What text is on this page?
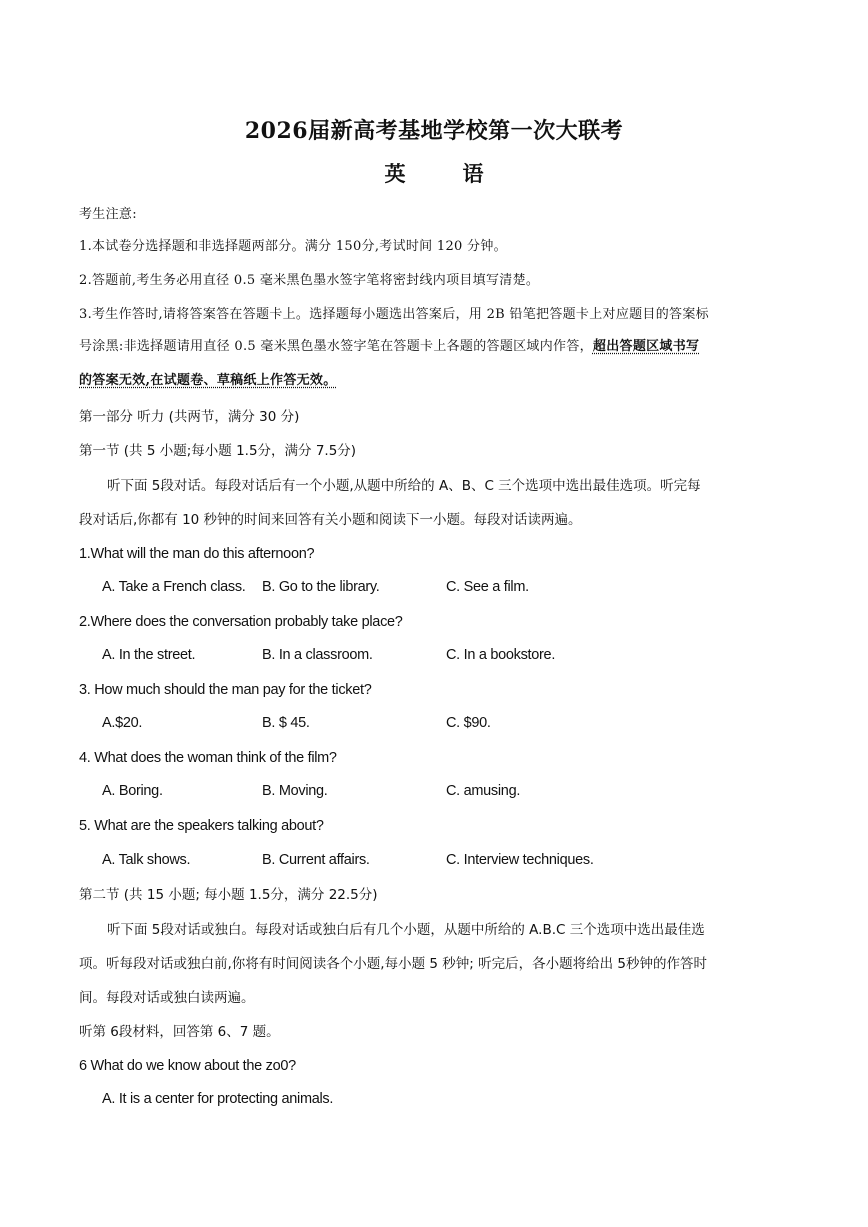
2026届新高考基地学校第一次大联考
英　语
考生注意:
1.本试卷分选择题和非选择题两部分。满分 150分,考试时间 120 分钟。
2.答题前,考生务必用直径 0.5 毫米黑色墨水签字笔将密封线内项目填写清楚。
3.考生作答时,请将答案答在答题卡上。选择题每小题选出答案后，用 2B 铅笔把答题卡上对应题目的答案标
号涂黑:非选择题请用直径 0.5 毫米黑色墨水签字笔在答题卡上各题的答题区域内作答，超出答题区域书写
的答案无效,在试题卷、草稿纸上作答无效。
第一部分 听力 (共两节，满分 30 分)
第一节 (共 5 小题;每小题 1.5分，满分 7.5分)
听下面 5段对话。每段对话后有一个小题,从题中所给的 A、B、C 三个选项中选出最佳选项。听完每
段对话后,你都有 10 秒钟的时间来回答有关小题和阅读下一小题。每段对话读两遍。
1.What will the man do this afternoon?
A. Take a French class. B. Go to the library.	C. See a film.
2.Where does the conversation probably take place?
A. In the street.	B. In a classroom.	C. In a bookstore.
3. How much should the man pay for the ticket?
A.$20.	B. $ 45.	C. $90.
4. What does the woman think of the film?
A. Boring.	B. Moving.	C. amusing.
5. What are the speakers talking about?
A. Talk shows.	B. Current affairs.	C. Interview techniques.
第二节 (共 15 小题; 每小题 1.5分，满分 22.5分)
听下面 5段对话或独白。每段对话或独白后有几个小题，从题中所给的 A.B.C 三个选项中选出最佳选
项。听每段对话或独白前,你将有时间阅读各个小题,每小题 5 秒钟; 听完后，各小题将给出 5秒钟的作答时
间。每段对话或独白读两遍。
听第 6段材料，回答第 6、7 题。
6 What do we know about the zo0?
A. It is a center for protecting animals.
